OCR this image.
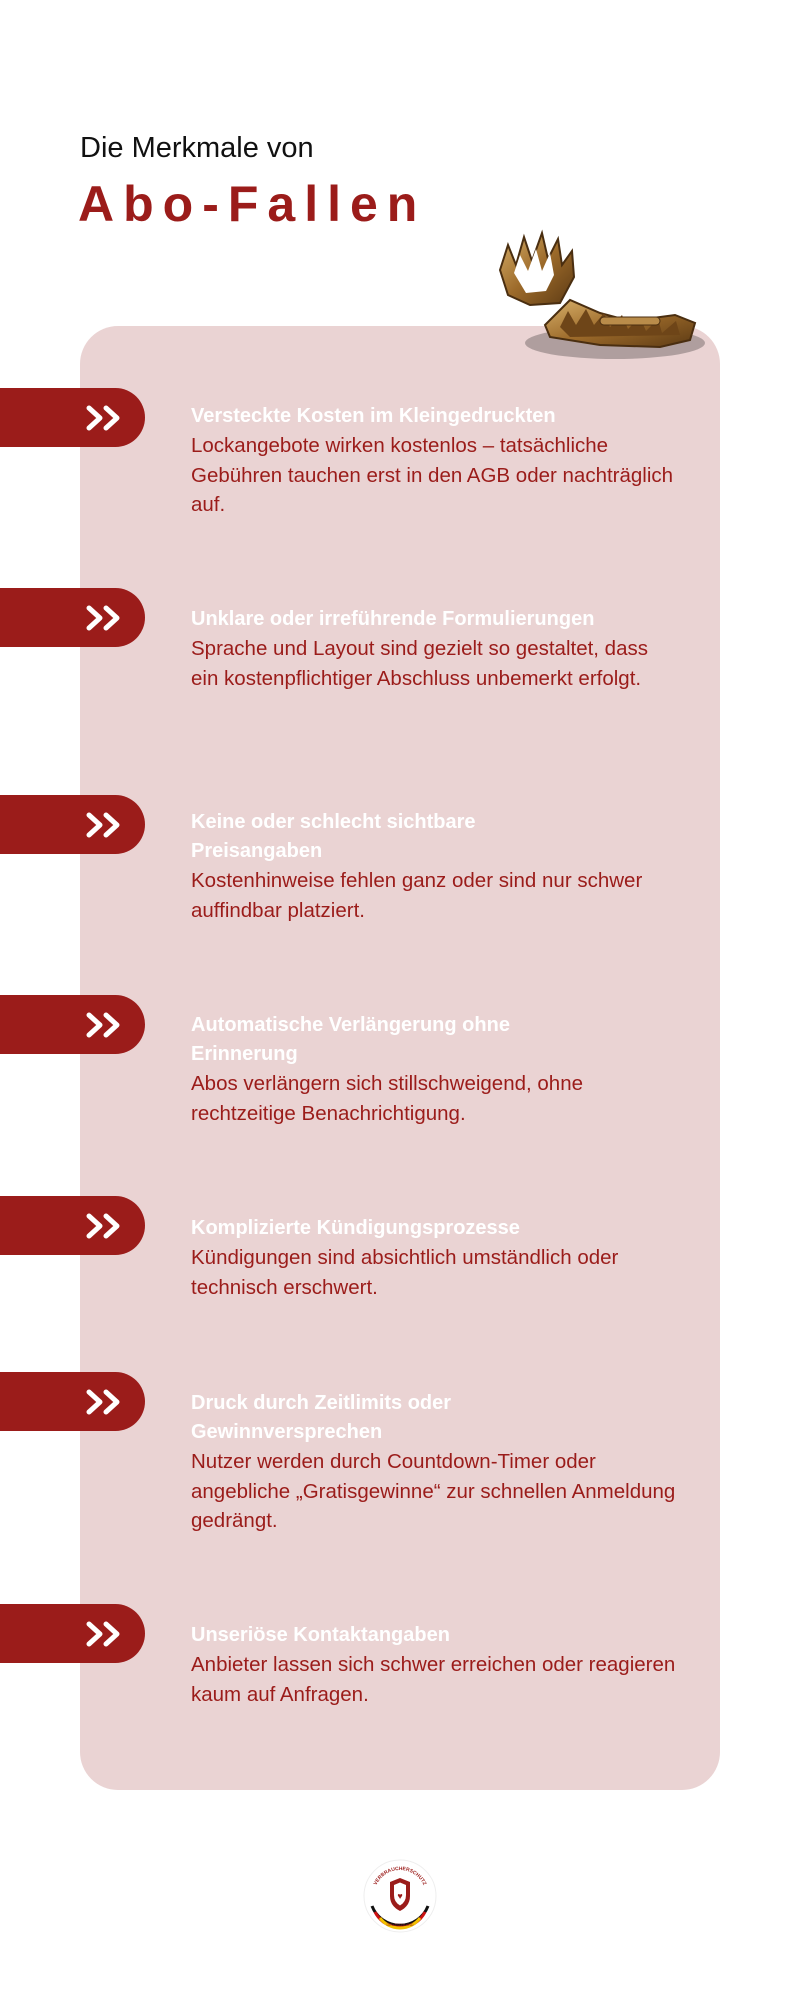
Die Merkmale von
Abo-Fallen
Versteckte Kosten im Kleingedruckten
Lockangebote wirken kostenlos – tatsächliche Gebühren tauchen erst in den AGB oder nachträglich auf.
Unklare oder irreführende Formulierungen
Sprache und Layout sind gezielt so gestaltet, dass ein kostenpflichtiger Abschluss unbemerkt erfolgt.
Keine oder schlecht sichtbare Preisangaben
Kostenhinweise fehlen ganz oder sind nur schwer auffindbar platziert.
Automatische Verlängerung ohne Erinnerung
Abos verlängern sich stillschweigend, ohne rechtzeitige Benachrichtigung.
Komplizierte Kündigungsprozesse
Kündigungen sind absichtlich umständlich oder technisch erschwert.
Druck durch Zeitlimits oder Gewinnversprechen
Nutzer werden durch Countdown-Timer oder angebliche „Gratisgewinne“ zur schnellen Anmeldung gedrängt.
Unseriöse Kontaktangaben
Anbieter lassen sich schwer erreichen oder reagieren kaum auf Anfragen.
VERBRAUCHERSCHUTZ
♥
DEUTSCHLAND
